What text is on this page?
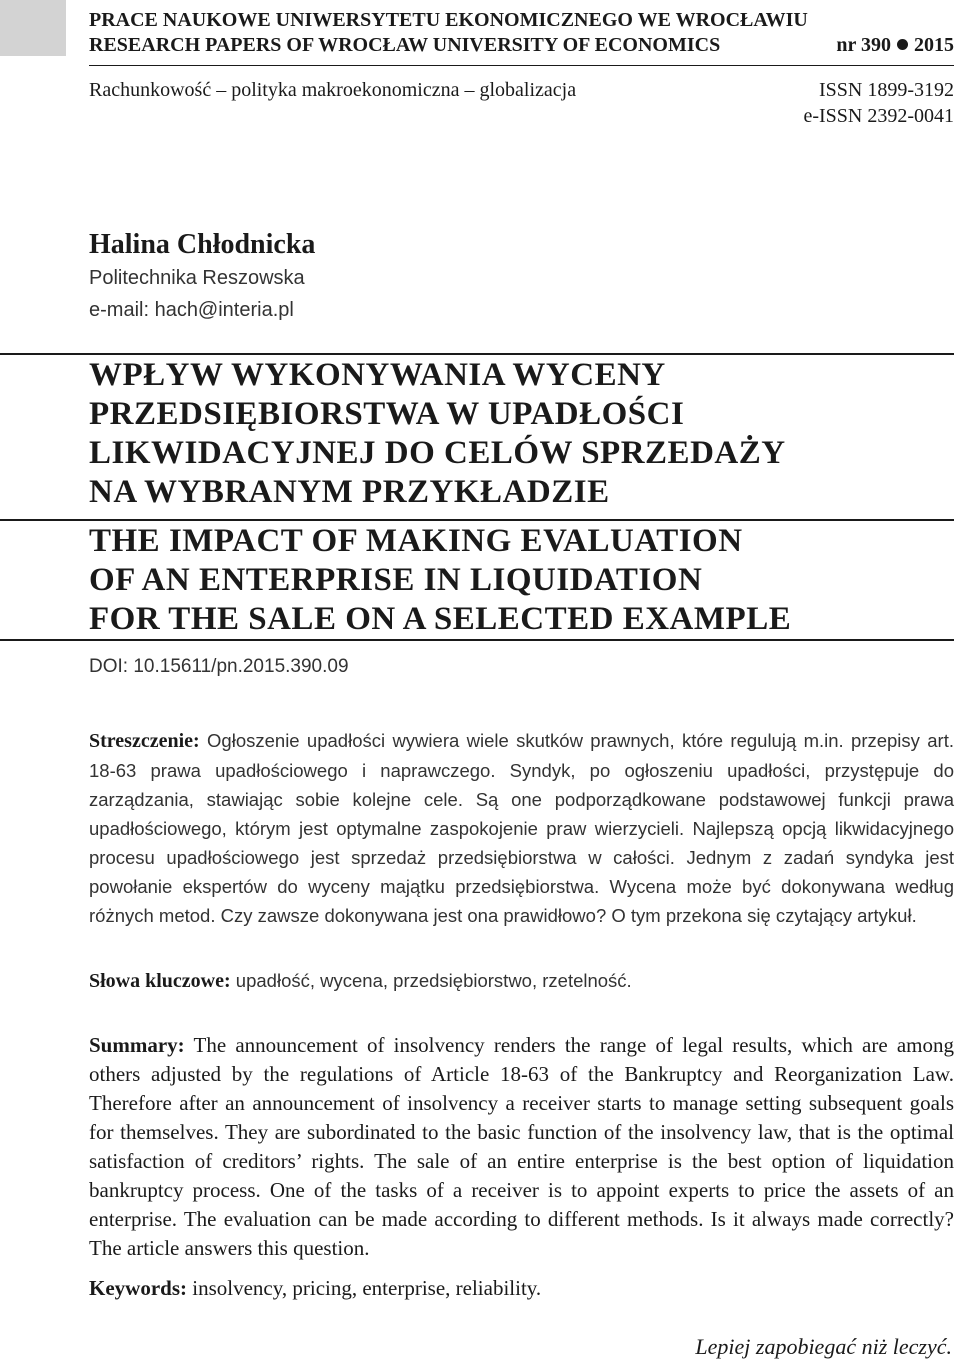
PRACE NAUKOWE UNIWERSYTETU EKONOMICZNEGO WE WROCŁAWIU
RESEARCH PAPERS OF WROCŁAW UNIVERSITY OF ECONOMICS	nr 390 2015
Rachunkowość – polityka makroekonomiczna – globalizacja	ISSN 1899-3192
e-ISSN 2392-0041
Halina Chłodnicka
Politechnika Reszowska
e-mail: hach@interia.pl
WPŁYW WYKONYWANIA WYCENY
PRZEDSIĘBIORSTWA W UPADŁOŚCI
LIKWIDACYJNEJ DO CELÓW SPRZEDAŻY
NA WYBRANYM PRZYKŁADZIE
THE IMPACT OF MAKING EVALUATION
OF AN ENTERPRISE IN LIQUIDATION
FOR THE SALE ON A SELECTED EXAMPLE
DOI: 10.15611/pn.2015.390.09
Streszczenie: Ogłoszenie upadłości wywiera wiele skutków prawnych, które regulują m.in. przepisy art. 18-63 prawa upadłościowego i naprawczego. Syndyk, po ogłoszeniu upadłości, przystępuje do zarządzania, stawiając sobie kolejne cele. Są one podporządkowane podstawowej funkcji prawa upadłościowego, którym jest optymalne zaspokojenie praw wierzycieli. Najlepszą opcją likwidacyjnego procesu upadłościowego jest sprzedaż przedsiębiorstwa w całości. Jednym z zadań syndyka jest powołanie ekspertów do wyceny majątku przedsiębiorstwa. Wycena może być dokonywana według różnych metod. Czy zawsze dokonywana jest ona prawidłowo? O tym przekona się czytający artykuł.
Słowa kluczowe: upadłość, wycena, przedsiębiorstwo, rzetelność.
Summary: The announcement of insolvency renders the range of legal results, which are among others adjusted by the regulations of Article 18-63 of the Bankruptcy and Reorganization Law. Therefore after an announcement of insolvency a receiver starts to manage setting subsequent goals for themselves. They are subordinated to the basic function of the insolvency law, that is the optimal satisfaction of creditors’ rights. The sale of an entire enterprise is the best option of liquidation bankruptcy process. One of the tasks of a receiver is to appoint experts to price the assets of an enterprise. The evaluation can be made according to different methods. Is it always made correctly? The article answers this question.
Keywords: insolvency, pricing, enterprise, reliability.
Lepiej zapobiegać niż leczyć.
